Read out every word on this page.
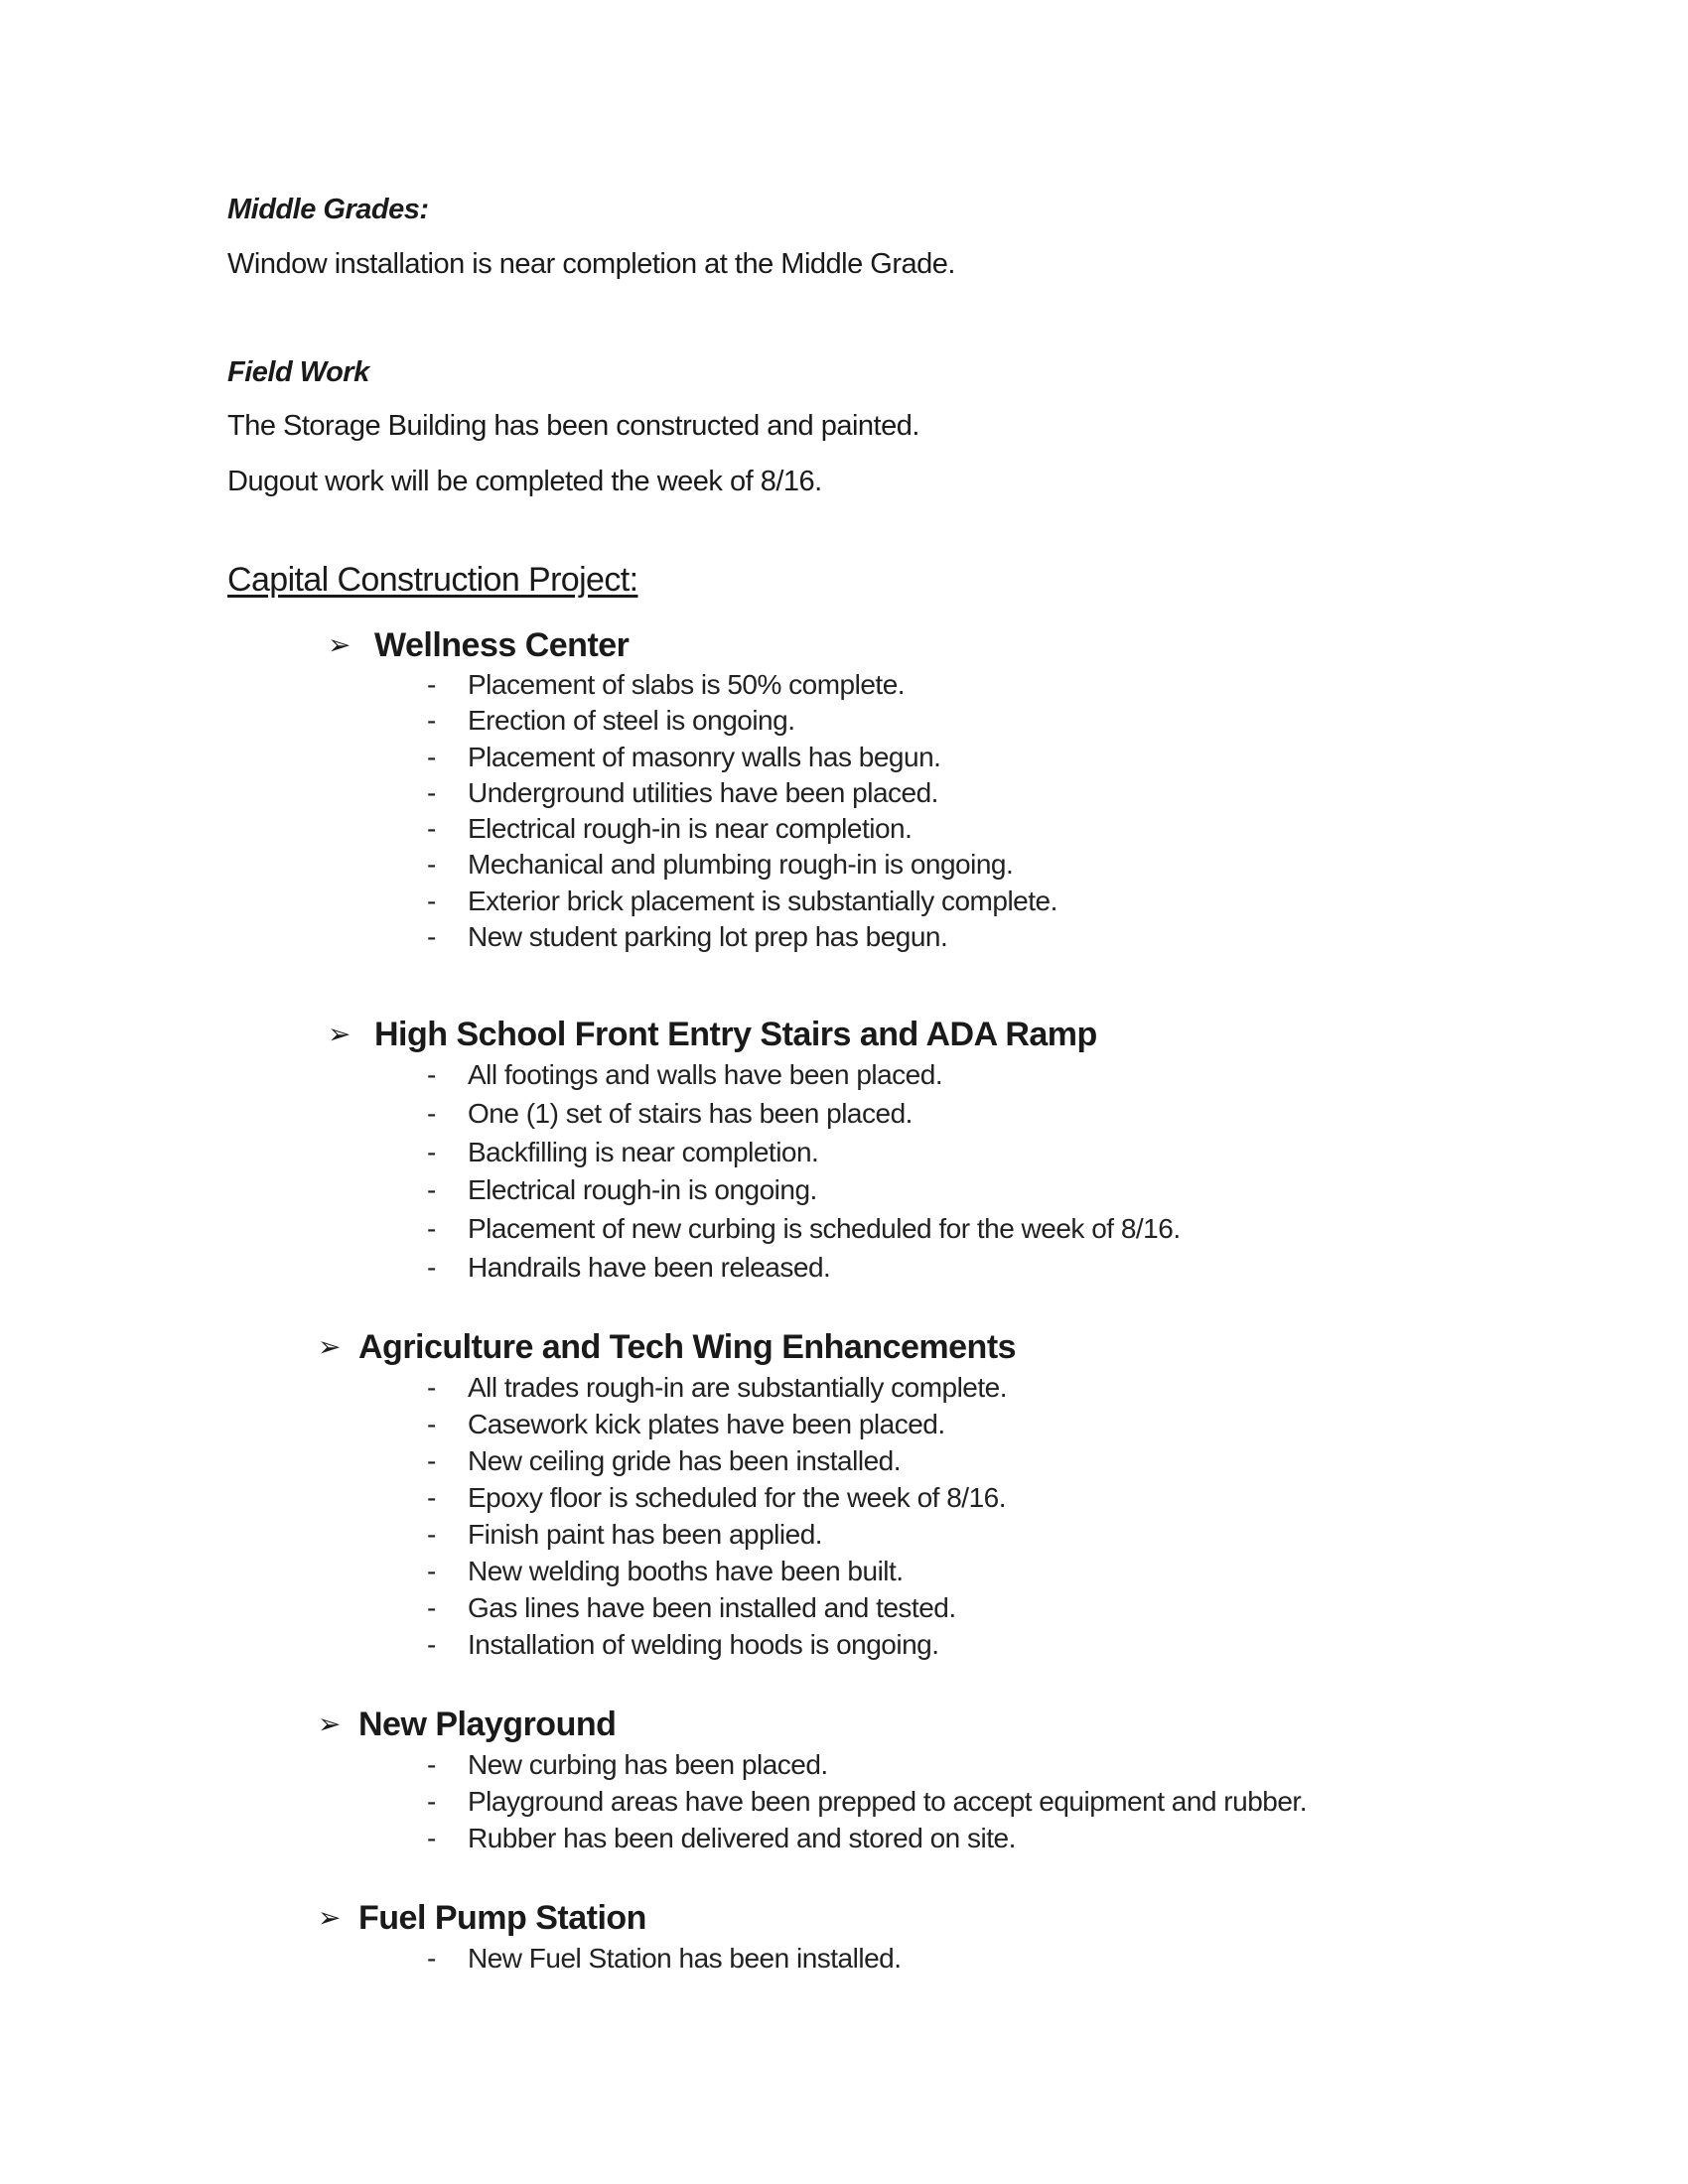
Middle Grades:
Window installation is near completion at the Middle Grade.
Field Work
The Storage Building has been constructed and painted.
Dugout work will be completed the week of 8/16.
Capital Construction Project:
➢ Wellness Center
- Placement of slabs is 50% complete.
- Erection of steel is ongoing.
- Placement of masonry walls has begun.
- Underground utilities have been placed.
- Electrical rough-in is near completion.
- Mechanical and plumbing rough-in is ongoing.
- Exterior brick placement is substantially complete.
- New student parking lot prep has begun.
➢ High School Front Entry Stairs and ADA Ramp
- All footings and walls have been placed.
- One (1) set of stairs has been placed.
- Backfilling is near completion.
- Electrical rough-in is ongoing.
- Placement of new curbing is scheduled for the week of 8/16.
- Handrails have been released.
➢ Agriculture and Tech Wing Enhancements
- All trades rough-in are substantially complete.
- Casework kick plates have been placed.
- New ceiling gride has been installed.
- Epoxy floor is scheduled for the week of 8/16.
- Finish paint has been applied.
- New welding booths have been built.
- Gas lines have been installed and tested.
- Installation of welding hoods is ongoing.
➢ New Playground
- New curbing has been placed.
- Playground areas have been prepped to accept equipment and rubber.
- Rubber has been delivered and stored on site.
➢ Fuel Pump Station
- New Fuel Station has been installed.
